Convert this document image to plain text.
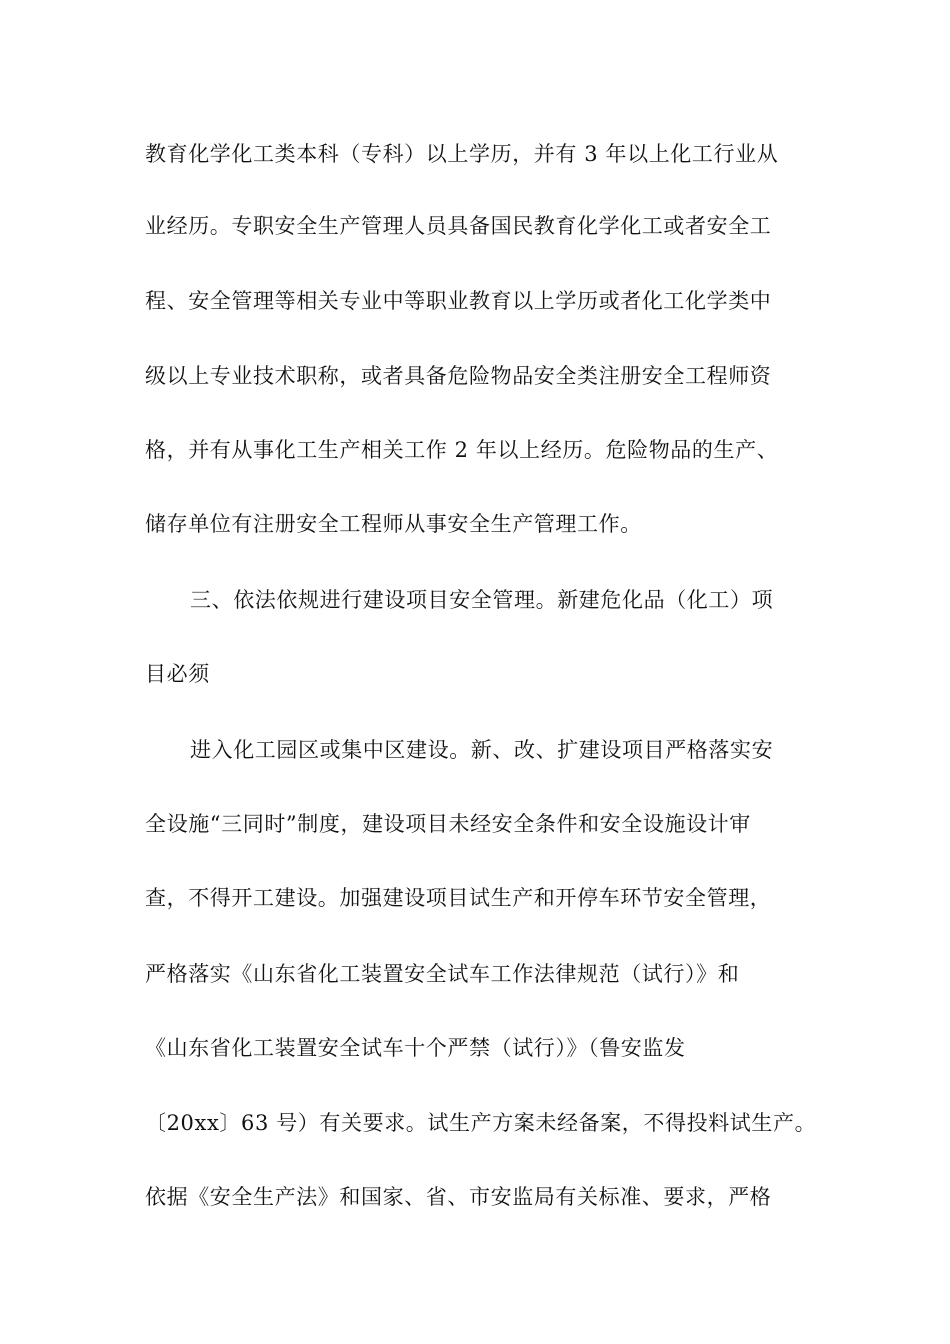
教育化学化工类本科（专科）以上学历，并有 3 年以上化工行业从
业经历。专职安全生产管理人员具备国民教育化学化工或者安全工
程、安全管理等相关专业中等职业教育以上学历或者化工化学类中
级以上专业技术职称，或者具备危险物品安全类注册安全工程师资
格，并有从事化工生产相关工作 2 年以上经历。危险物品的生产、
储存单位有注册安全工程师从事安全生产管理工作。
三、依法依规进行建设项目安全管理。新建危化品（化工）项
目必须
进入化工园区或集中区建设。新、改、扩建设项目严格落实安
全设施“三同时”制度，建设项目未经安全条件和安全设施设计审
查，不得开工建设。加强建设项目试生产和开停车环节安全管理，
严格落实《山东省化工装置安全试车工作法律规范（试行）》和
《山东省化工装置安全试车十个严禁（试行）》（鲁安监发
〔20xx〕63 号）有关要求。试生产方案未经备案，不得投料试生产。
依据《安全生产法》和国家、省、市安监局有关标准、要求，严格
